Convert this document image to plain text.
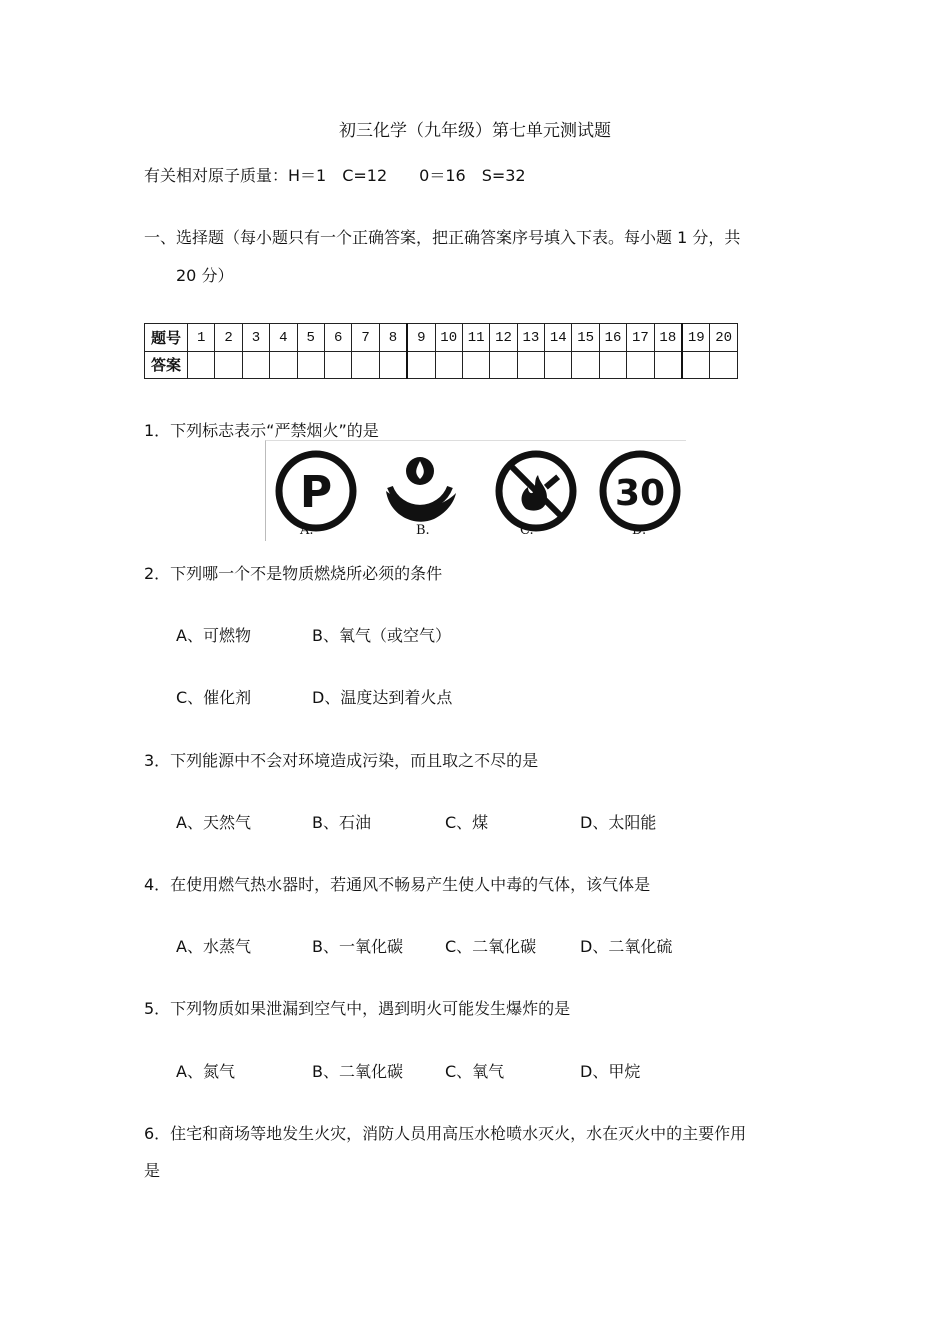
初三化学（九年级）第七单元测试题
有关相对原子质量：H＝1　C=12　　0＝16　S=32
一、选择题（每小题只有一个正确答案，把正确答案序号填入下表。每小题 1 分，共
20 分）
题号	1	2	3	4	5	6	7	8	9	10	11	12	13	14	15	16	17	18	19	20
答案																				
1．下列标志表示“严禁烟火”的是
P
A.	B.	C.
30
D.
2．下列哪一个不是物质燃烧所必须的条件
A、可燃物	B、氧气（或空气）
C、催化剂	D、温度达到着火点
3．下列能源中不会对环境造成污染，而且取之不尽的是
A、天然气	B、石油	C、煤	D、太阳能
4．在使用燃气热水器时，若通风不畅易产生使人中毒的气体，该气体是
A、水蒸气	B、一氧化碳	C、二氧化碳	D、二氧化硫
5．下列物质如果泄漏到空气中，遇到明火可能发生爆炸的是
A、氮气	B、二氧化碳	C、氧气	D、甲烷
6．住宅和商场等地发生火灾，消防人员用高压水枪喷水灭火，水在灭火中的主要作用
是
